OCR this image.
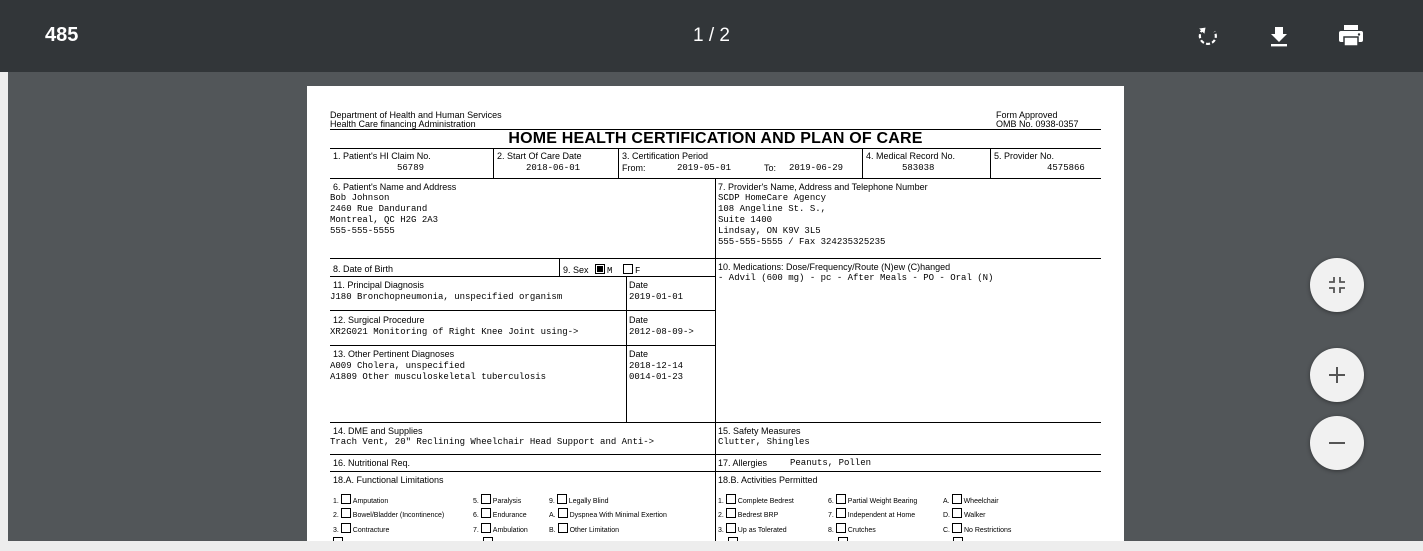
485	1 / 2
Department of Health and Human Services
Health Care financing Administration
Form Approved
OMB No. 0938-0357
HOME HEALTH CERTIFICATION AND PLAN OF CARE
1. Patient's HI Claim No.
56789
2. Start Of Care Date
2018-06-01
3. Certification Period
From:	2019-05-01	To: 2019-06-29
4. Medical Record No.
583038
5. Provider No.
4575866
6. Patient's Name and Address
Bob Johnson
2460 Rue Dandurand
Montreal, QC H2G 2A3
555-555-5555
7. Provider's Name, Address and Telephone Number
SCDP HomeCare Agency
108 Angeline St. S.,
Suite 1400
Lindsay, ON K9V 3L5
555-555-5555 / Fax 324235325235
8. Date of Birth	9. Sex M	F	10. Medications: Dose/Frequency/Route (N)ew (C)hanged
- Advil (600 mg) - pc - After Meals - PO - Oral (N)
11. Principal Diagnosis
J180 Bronchopneumonia, unspecified organism
Date
2019-01-01
12. Surgical Procedure
XR2G021 Monitoring of Right Knee Joint using->
Date
2012-08-09->
13. Other Pertinent Diagnoses
A009 Cholera, unspecified
A1809 Other musculoskeletal tuberculosis
Date
2018-12-14
0014-01-23
14. DME and Supplies
Trach Vent, 20" Reclining Wheelchair Head Support and Anti->
15. Safety Measures
Clutter, Shingles
16. Nutritional Req.	17. Allergies	Peanuts, Pollen
18.A. Functional Limitations	18.B. Activities Permitted
1. Amputation	5. Paralysis	9. Legally Blind
2. Bowel/Bladder (Incontinence)	6. Endurance	A. Dyspnea With Minimal Exertion
3. Contracture	7. Ambulation	B. Other Limitation
1. Complete Bedrest	6. Partial Weight Bearing	A. Wheelchair
2. Bedrest BRP	7. Independent at Home	D. Walker
3. Up as Tolerated	8. Crutches	C. No Restrictions
